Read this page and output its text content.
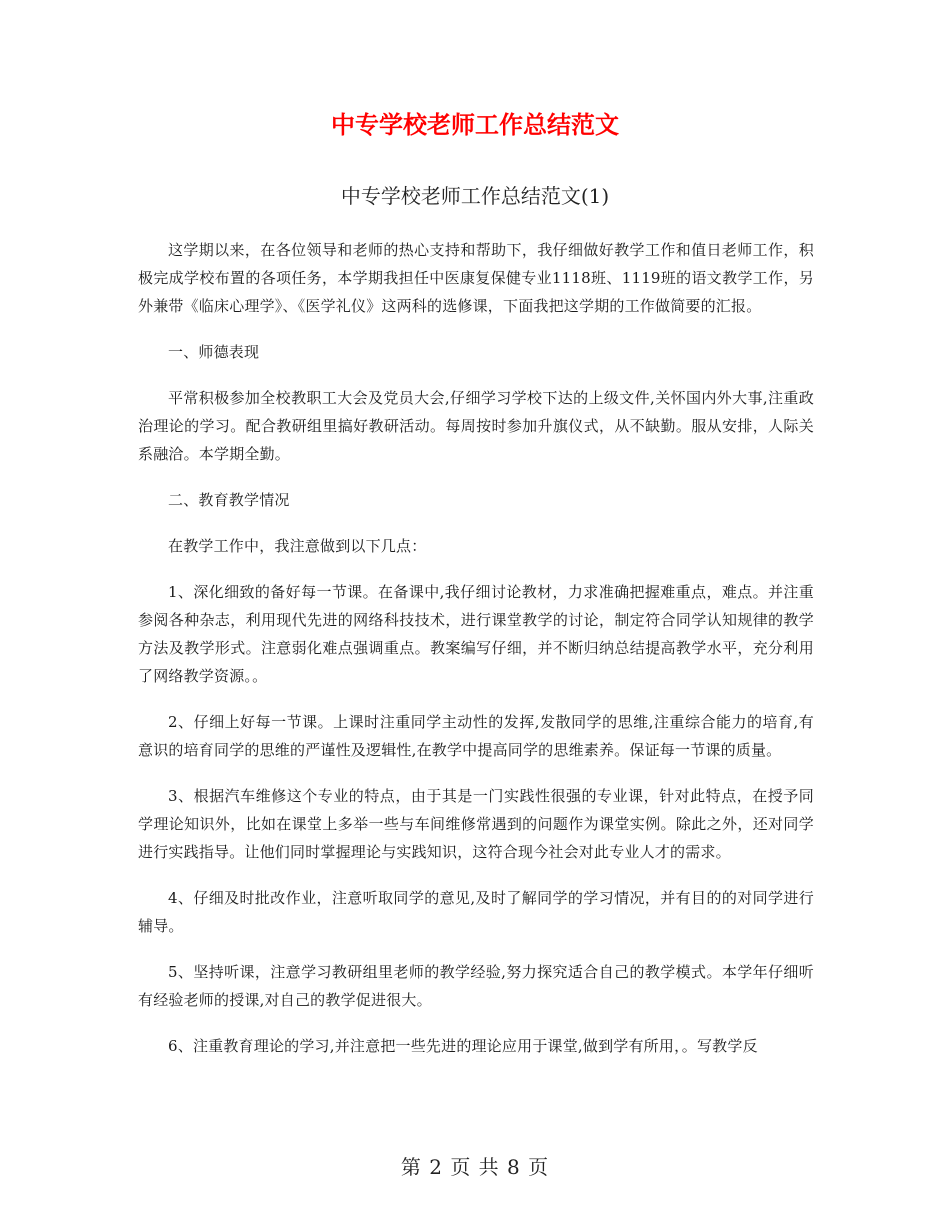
中专学校老师工作总结范文
中专学校老师工作总结范文(1)

这学期以来，在各位领导和老师的热心支持和帮助下，我仔细做好教学工作和值日老师工作，积极完成学校布置的各项任务，本学期我担任中医康复保健专业1118班、1119班的语文教学工作，另外兼带《临床心理学》、《医学礼仪》这两科的选修课，下面我把这学期的工作做简要的汇报。

一、师德表现

平常积极参加全校教职工大会及党员大会,仔细学习学校下达的上级文件,关怀国内外大事,注重政治理论的学习。配合教研组里搞好教研活动。每周按时参加升旗仪式，从不缺勤。服从安排，人际关系融洽。本学期全勤。

二、教育教学情况

在教学工作中，我注意做到以下几点：

1、深化细致的备好每一节课。在备课中,我仔细讨论教材，力求准确把握难重点，难点。并注重参阅各种杂志，利用现代先进的网络科技技术，进行课堂教学的讨论，制定符合同学认知规律的教学方法及教学形式。注意弱化难点强调重点。教案编写仔细，并不断归纳总结提高教学水平，充分利用了网络教学资源。。

2、仔细上好每一节课。上课时注重同学主动性的发挥,发散同学的思维,注重综合能力的培育,有意识的培育同学的思维的严谨性及逻辑性,在教学中提高同学的思维素养。保证每一节课的质量。

3、根据汽车维修这个专业的特点，由于其是一门实践性很强的专业课，针对此特点，在授予同学理论知识外，比如在课堂上多举一些与车间维修常遇到的问题作为课堂实例。除此之外，还对同学进行实践指导。让他们同时掌握理论与实践知识，这符合现今社会对此专业人才的需求。

4、仔细及时批改作业，注意听取同学的意见,及时了解同学的学习情况，并有目的的对同学进行辅导。

5、坚持听课，注意学习教研组里老师的教学经验,努力探究适合自己的教学模式。本学年仔细听有经验老师的授课,对自己的教学促进很大。

6、注重教育理论的学习,并注意把一些先进的理论应用于课堂,做到学有所用，。写教学反

第 2 页 共 8 页
